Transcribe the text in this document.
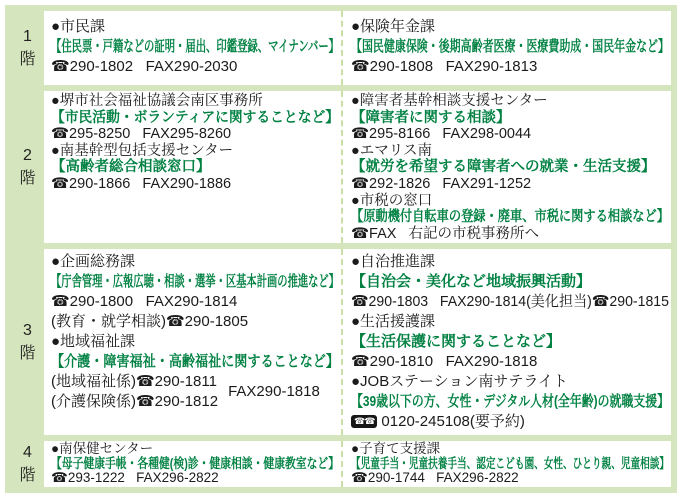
1
階
●市民課
【住民票・戸籍などの証明・届出、印鑑登録、マイナンバー】
☎290-1802   FAX290-2030
●保険年金課
【国民健康保険・後期高齢者医療・医療費助成・国民年金など】
☎290-1808   FAX290-1813
2
階
●堺市社会福祉協議会南区事務所
【市民活動・ボランティアに関することなど】
☎295-8250   FAX295-8260
●南基幹型包括支援センター
【高齢者総合相談窓口】
☎290-1866   FAX290-1886
●障害者基幹相談支援センター
【障害者に関する相談】
☎295-8166   FAX298-0044
●エマリス南
【就労を希望する障害者への就業・生活支援】
☎292-1826   FAX291-1252
●市税の窓口
【原動機付自転車の登録・廃車、市税に関する相談など】
☎FAX   右記の市税事務所へ
3
階
●企画総務課
【庁舎管理・広報広聴・相談・選挙・区基本計画の推進など】
☎290-1800   FAX290-1814
(教育・就学相談)☎290-1805
●地域福祉課
【介護・障害福祉・高齢福祉に関することなど】
(地域福祉係)☎290-1811
(介護保険係)☎290-1812
FAX290-1818
●自治推進課
【自治会・美化など地域振興活動】
☎290-1803   FAX290-1814(美化担当)☎290-1815
●生活援護課
【生活保護に関することなど】
☎290-1810   FAX290-1818
●JOBステーション南サテライト
【39歳以下の方、女性・デジタル人材(全年齢)の就職支援】
☎☎ 0120-245108(要予約)
4
階
●南保健センター
【母子健康手帳・各種健(検)診・健康相談・健康教室など】
☎293-1222   FAX296-2822
●子育て支援課
【児童手当・児童扶養手当、認定こども園、女性、ひとり親、児童相談】
☎290-1744   FAX296-2822
